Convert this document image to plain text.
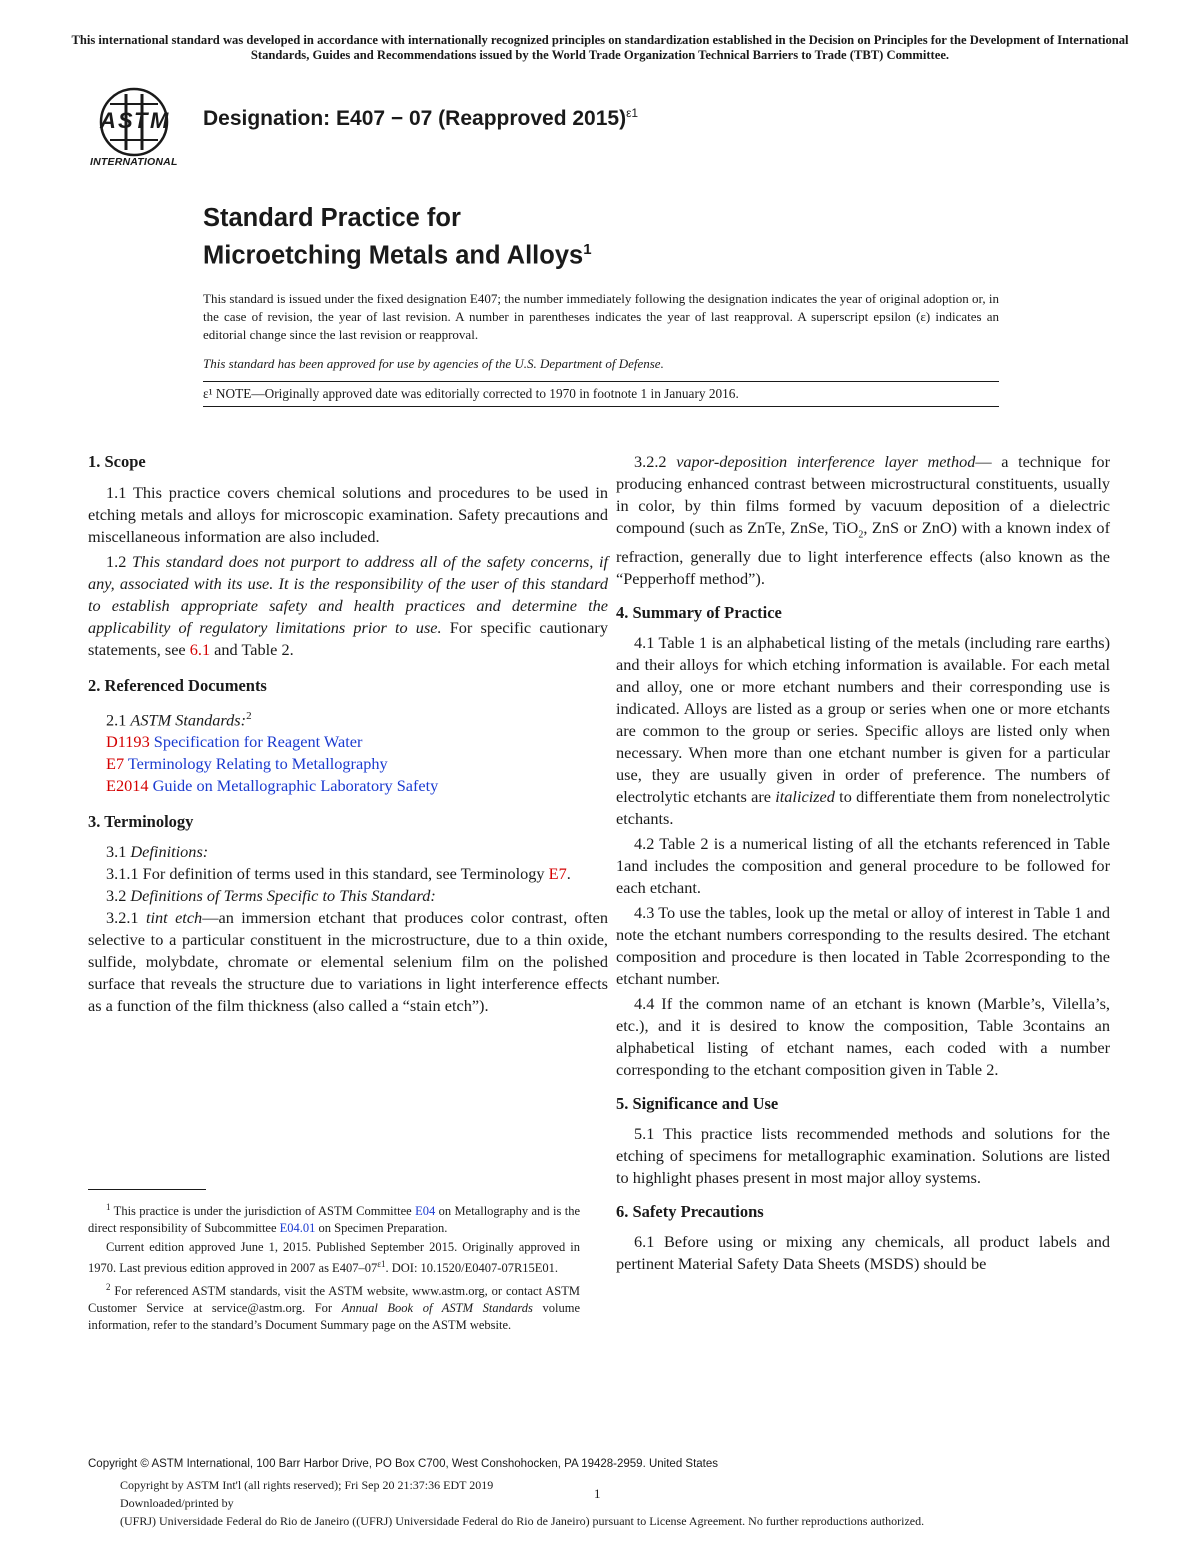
This international standard was developed in accordance with internationally recognized principles on standardization established in the Decision on Principles for the Development of International Standards, Guides and Recommendations issued by the World Trade Organization Technical Barriers to Trade (TBT) Committee.
A S T M
INTERNATIONAL
Designation: E407 − 07 (Reapproved 2015)$^{\varepsilon 1}$
Standard Practice for
Microetching Metals and Alloys$^1$
This standard is issued under the fixed designation E407; the number immediately following the designation indicates the year of original adoption or, in the case of revision, the year of last revision. A number in parentheses indicates the year of last reapproval. A superscript epsilon (ε) indicates an editorial change since the last revision or reapproval.
This standard has been approved for use by agencies of the U.S. Department of Defense.
ε¹ NOTE—Originally approved date was editorially corrected to 1970 in footnote 1 in January 2016.
1. Scope

1.1 This practice covers chemical solutions and procedures to be used in etching metals and alloys for microscopic examination. Safety precautions and miscellaneous information are also included.

1.2 This standard does not purport to address all of the safety concerns, if any, associated with its use. It is the responsibility of the user of this standard to establish appropriate safety and health practices and determine the applicability of regulatory limitations prior to use. For specific cautionary statements, see 6.1 and Table 2.

2. Referenced Documents

2.1 ASTM Standards:$^2$

D1193 Specification for Reagent Water

E7 Terminology Relating to Metallography

E2014 Guide on Metallographic Laboratory Safety

3. Terminology

3.1 Definitions:

3.1.1 For definition of terms used in this standard, see Terminology E7.

3.2 Definitions of Terms Specific to This Standard:

3.2.1 tint etch—an immersion etchant that produces color contrast, often selective to a particular constituent in the microstructure, due to a thin oxide, sulfide, molybdate, chromate or elemental selenium film on the polished surface that reveals the structure due to variations in light interference effects as a function of the film thickness (also called a “stain etch”).

$^1$ This practice is under the jurisdiction of ASTM Committee E04 on Metallography and is the direct responsibility of Subcommittee E04.01 on Specimen Preparation.

Current edition approved June 1, 2015. Published September 2015. Originally approved in 1970. Last previous edition approved in 2007 as $E407-07^{\varepsilon 1}$. DOI: 10.1520/E0407-07R15E01.

$^2$ For referenced ASTM standards, visit the ASTM website, www.astm.org, or contact ASTM Customer Service at service@astm.org. For Annual Book of ASTM Standards volume information, refer to the standard’s Document Summary page on the ASTM website.

3.2.2 vapor-deposition interference layer method— a technique for producing enhanced contrast between microstructural constituents, usually in color, by thin films formed by vacuum deposition of a dielectric compound (such as ZnTe, ZnSe, TiO$_2$, ZnS or ZnO) with a known index of refraction, generally due to light interference effects (also known as the “Pepperhoff method”).

4. Summary of Practice

4.1 Table 1 is an alphabetical listing of the metals (including rare earths) and their alloys for which etching information is available. For each metal and alloy, one or more etchant numbers and their corresponding use is indicated. Alloys are listed as a group or series when one or more etchants are common to the group or series. Specific alloys are listed only when necessary. When more than one etchant number is given for a particular use, they are usually given in order of preference. The numbers of electrolytic etchants are italicized to differentiate them from nonelectrolytic etchants.

4.2 Table 2 is a numerical listing of all the etchants referenced in Table 1and includes the composition and general procedure to be followed for each etchant.

4.3 To use the tables, look up the metal or alloy of interest in Table 1 and note the etchant numbers corresponding to the results desired. The etchant composition and procedure is then located in Table 2corresponding to the etchant number.

4.4 If the common name of an etchant is known (Marble’s, Vilella’s, etc.), and it is desired to know the composition, Table 3contains an alphabetical listing of etchant names, each coded with a number corresponding to the etchant composition given in Table 2.

5. Significance and Use

5.1 This practice lists recommended methods and solutions for the etching of specimens for metallographic examination. Solutions are listed to highlight phases present in most major alloy systems.

6. Safety Precautions

6.1 Before using or mixing any chemicals, all product labels and pertinent Material Safety Data Sheets (MSDS) should be

Copyright © ASTM International, 100 Barr Harbor Drive, PO Box C700, West Conshohocken, PA 19428-2959. United States
Copyright by ASTM Int'l (all rights reserved); Fri Sep 20 21:37:36 EDT 2019
1
Downloaded/printed by
(UFRJ) Universidade Federal do Rio de Janeiro ((UFRJ) Universidade Federal do Rio de Janeiro) pursuant to License Agreement. No further reproductions authorized.
